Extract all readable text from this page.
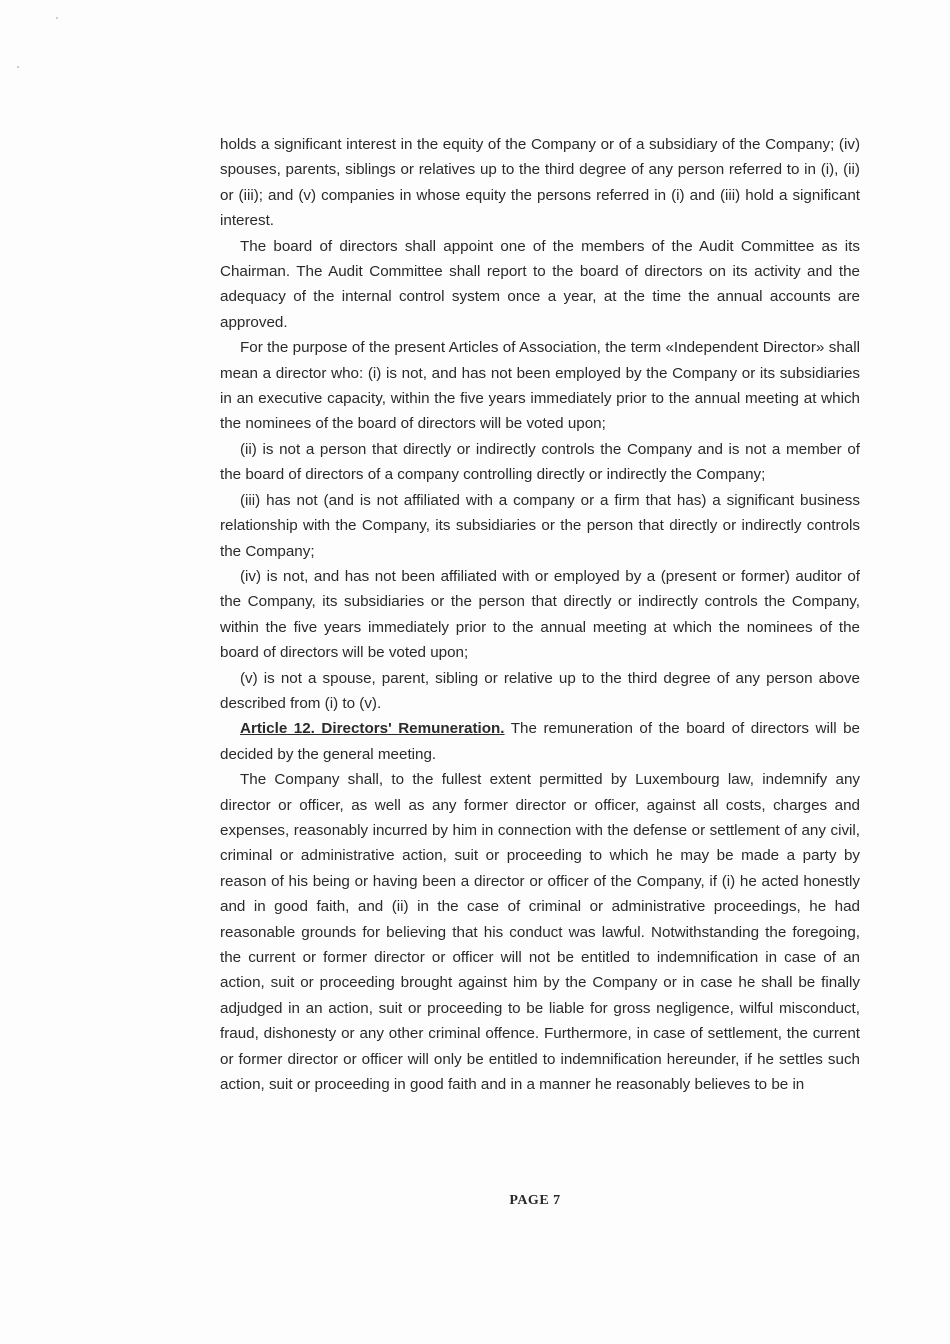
holds a significant interest in the equity of the Company or of a subsidiary of the Company; (iv) spouses, parents, siblings or relatives up to the third degree of any person referred to in (i), (ii) or (iii); and (v) companies in whose equity the persons referred in (i) and (iii) hold a significant interest.

The board of directors shall appoint one of the members of the Audit Committee as its Chairman. The Audit Committee shall report to the board of directors on its activity and the adequacy of the internal control system once a year, at the time the annual accounts are approved.

For the purpose of the present Articles of Association, the term «Independent Director» shall mean a director who: (i) is not, and has not been employed by the Company or its subsidiaries in an executive capacity, within the five years immediately prior to the annual meeting at which the nominees of the board of directors will be voted upon;

(ii) is not a person that directly or indirectly controls the Company and is not a member of the board of directors of a company controlling directly or indirectly the Company;

(iii) has not (and is not affiliated with a company or a firm that has) a significant business relationship with the Company, its subsidiaries or the person that directly or indirectly controls the Company;

(iv) is not, and has not been affiliated with or employed by a (present or former) auditor of the Company, its subsidiaries or the person that directly or indirectly controls the Company, within the five years immediately prior to the annual meeting at which the nominees of the board of directors will be voted upon;

(v) is not a spouse, parent, sibling or relative up to the third degree of any person above described from (i) to (v).

Article 12. Directors' Remuneration. The remuneration of the board of directors will be decided by the general meeting.

The Company shall, to the fullest extent permitted by Luxembourg law, indemnify any director or officer, as well as any former director or officer, against all costs, charges and expenses, reasonably incurred by him in connection with the defense or settlement of any civil, criminal or administrative action, suit or proceeding to which he may be made a party by reason of his being or having been a director or officer of the Company, if (i) he acted honestly and in good faith, and (ii) in the case of criminal or administrative proceedings, he had reasonable grounds for believing that his conduct was lawful. Notwithstanding the foregoing, the current or former director or officer will not be entitled to indemnification in case of an action, suit or proceeding brought against him by the Company or in case he shall be finally adjudged in an action, suit or proceeding to be liable for gross negligence, wilful misconduct, fraud, dishonesty or any other criminal offence. Furthermore, in case of settlement, the current or former director or officer will only be entitled to indemnification hereunder, if he settles such action, suit or proceeding in good faith and in a manner he reasonably believes to be in

PAGE 7
